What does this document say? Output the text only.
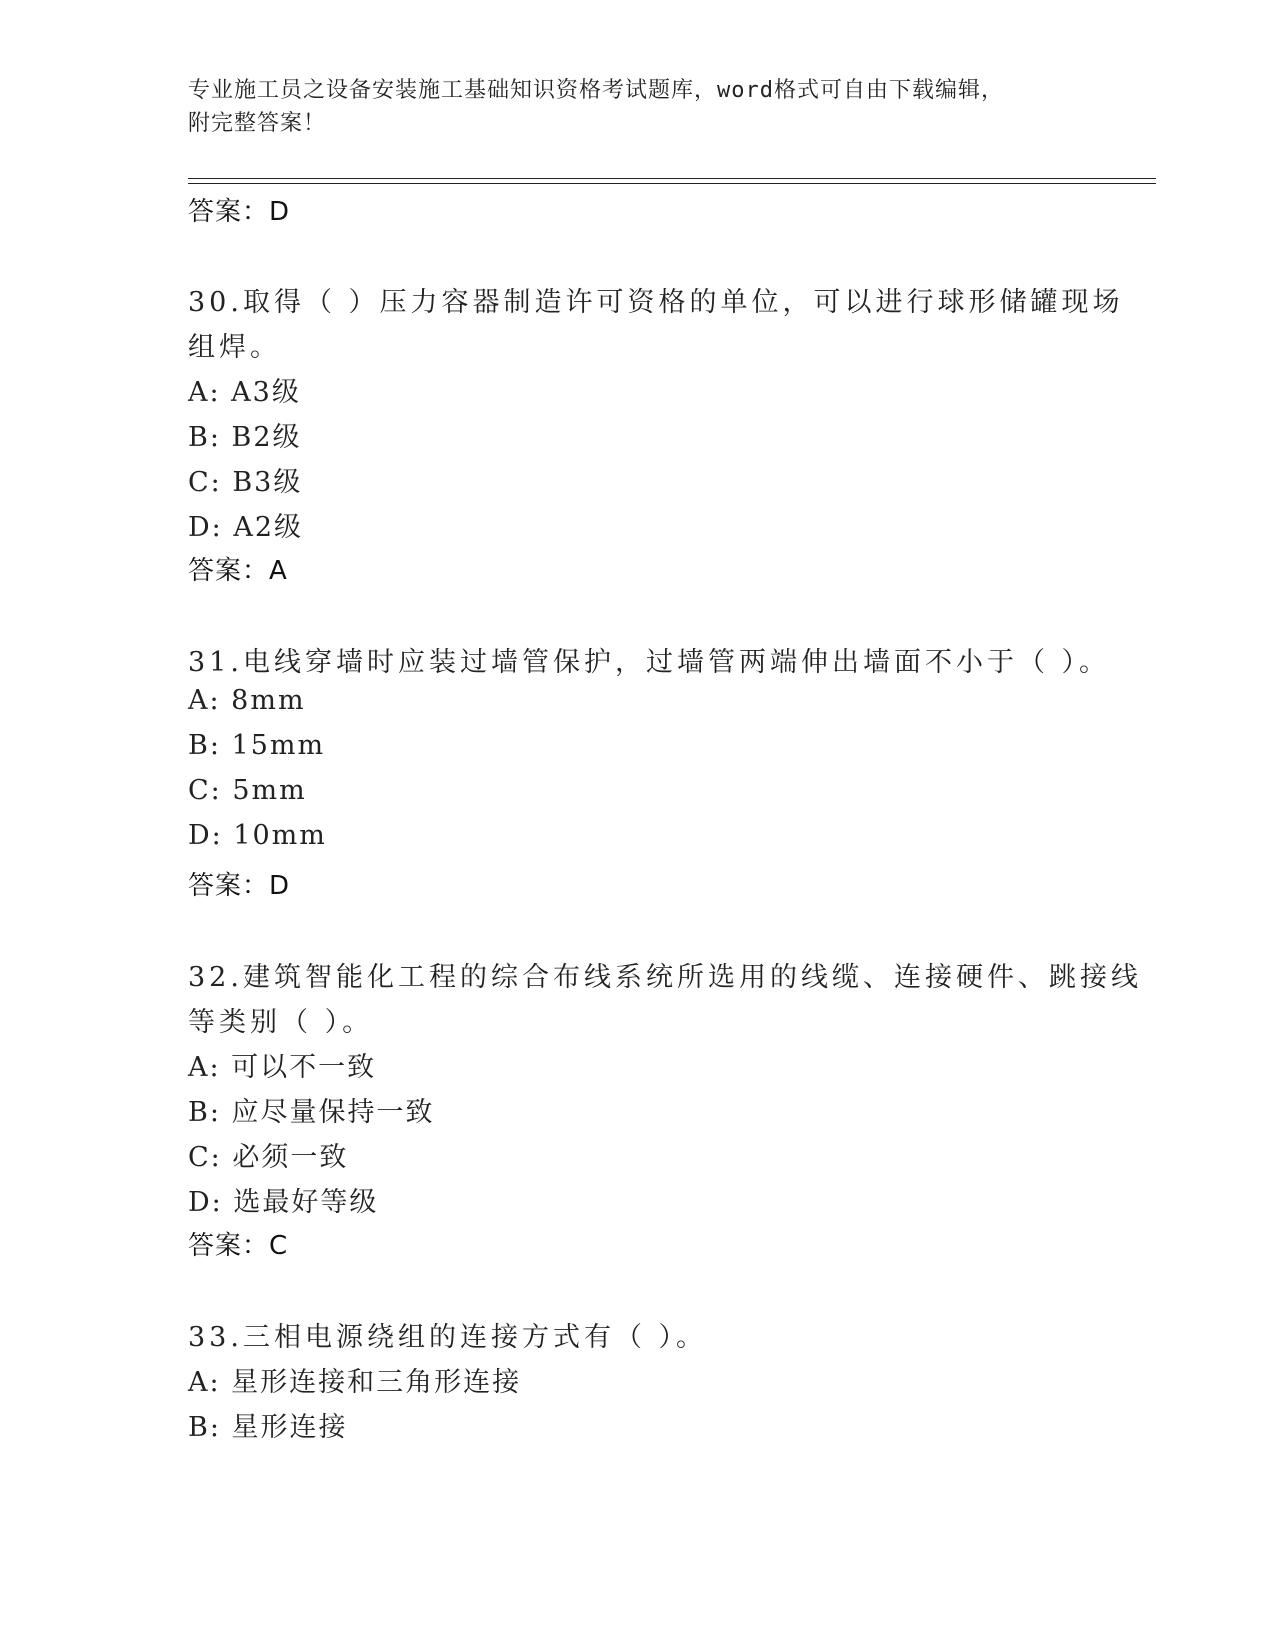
专业施工员之设备安装施工基础知识资格考试题库，word格式可自由下载编辑，
附完整答案！
答案：D
30.取得（ ）压力容器制造许可资格的单位，可以进行球形储罐现场
组焊。
A: A3级
B: B2级
C: B3级
D: A2级
答案：A
31.电线穿墙时应装过墙管保护，过墙管两端伸出墙面不小于（ ）。
A: 8mm
B: 15mm
C: 5mm
D: 10mm
答案：D
32.建筑智能化工程的综合布线系统所选用的线缆、连接硬件、跳接线
等类别（ ）。
A: 可以不一致
B: 应尽量保持一致
C: 必须一致
D: 选最好等级
答案：C
33.三相电源绕组的连接方式有（ ）。
A: 星形连接和三角形连接
B: 星形连接
